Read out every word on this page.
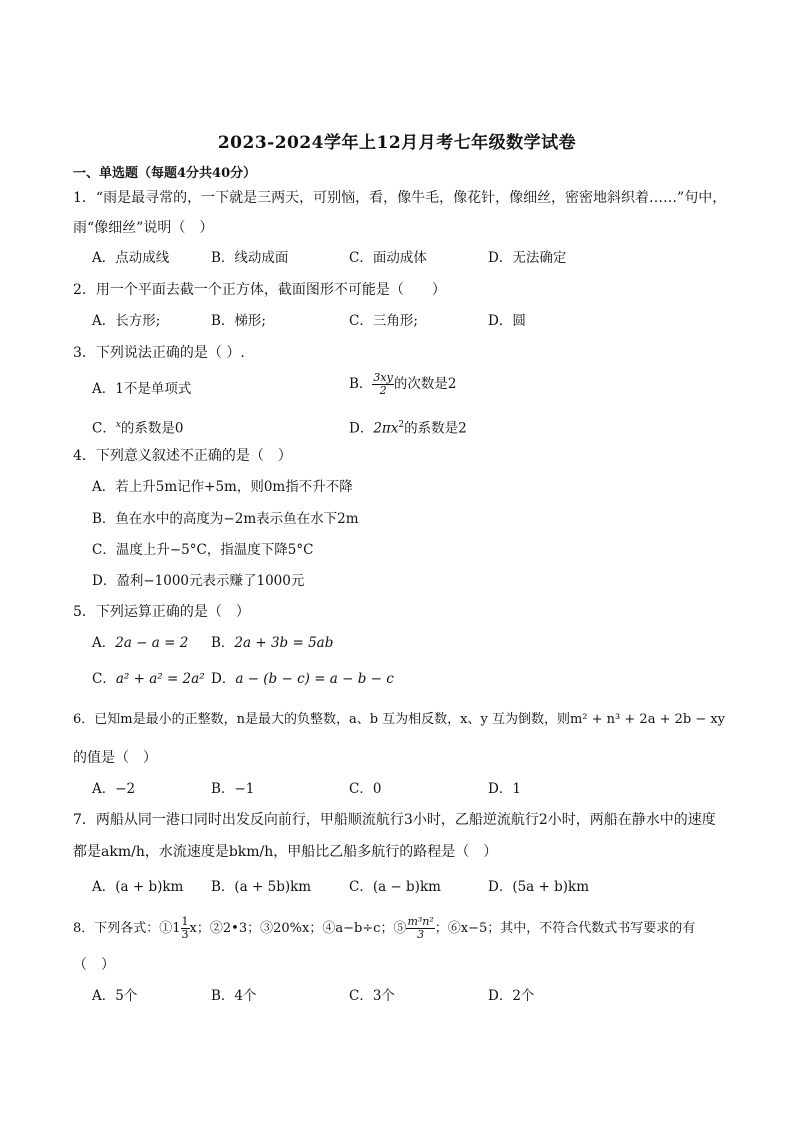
2023-2024学年上12月月考七年级数学试卷
一、单选题（每题4分共40分）
1．“雨是最寻常的，一下就是三两天，可别恼，看，像牛毛，像花针，像细丝，密密地斜织着……”句中，
雨“像细丝”说明（　）
A．点动成线	B．线动成面	C．面动成体	D．无法确定
2．用一个平面去截一个正方体，截面图形不可能是（　　）
A．长方形;	B．梯形;	C．三角形;	D．圆
3．下列说法正确的是（ ）.
A．1不是单项式	B． $\frac{3xy}{2}$ 的次数是2
C．$^x$的系数是0	D．$2\pi x^2$的系数是2
4．下列意义叙述不正确的是（　）
A．若上升5m记作+5m，则0m指不升不降
B．鱼在水中的高度为−2m表示鱼在水下2m
C．温度上升−5°C，指温度下降5°C
D．盈利−1000元表示赚了1000元
5．下列运算正确的是（　）
A．2a − a = 2 B．2a + 3b = 5ab
C．a² + a² = 2a² D．a − (b − c) = a − b − c
6．已知m是最小的正整数，n是最大的负整数，a、b 互为相反数，x、y 互为倒数，则m² + n³ + 2a + 2b − xy
的值是（　）
A．−2	B．−1	C．0	D．1
7．两船从同一港口同时出发反向前行，甲船顺流航行3小时，乙船逆流航行2小时，两船在静水中的速度
都是akm/h，水流速度是bkm/h，甲船比乙船多航行的路程是（　）
A．(a + b)km B．(a + 5b)km	C．(a − b)km	D．(5a + b)km
8．下列各式：①1 $\frac{1}{3}$ x；②2•3；③20%x；④a−b÷c；⑤ $\frac{\text{m³n²}}{3}$ ；⑥x−5；其中，不符合代数式书写要求的有
（　）
A．5个	B．4个	C．3个	D．2个
